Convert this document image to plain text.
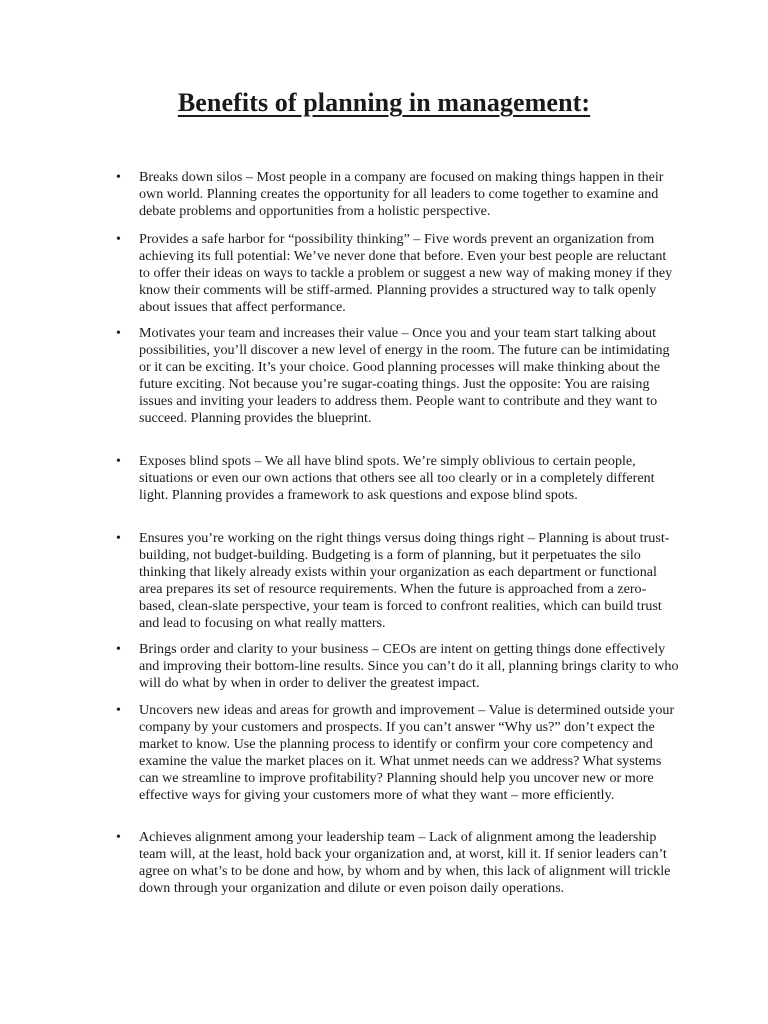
Benefits of planning in management:
• Breaks down silos – Most people in a company are focused on making things happen in their own world. Planning creates the opportunity for all leaders to come together to examine and debate problems and opportunities from a holistic perspective.

• Provides a safe harbor for “possibility thinking” – Five words prevent an organization from achieving its full potential: We’ve never done that before. Even your best people are reluctant to offer their ideas on ways to tackle a problem or suggest a new way of making money if they know their comments will be stiff-armed. Planning provides a structured way to talk openly about issues that affect performance.

• Motivates your team and increases their value – Once you and your team start talking about possibilities, you’ll discover a new level of energy in the room. The future can be intimidating or it can be exciting. It’s your choice. Good planning processes will make thinking about the future exciting. Not because you’re sugar-coating things. Just the opposite: You are raising issues and inviting your leaders to address them. People want to contribute and they want to succeed. Planning provides the blueprint.

• Exposes blind spots – We all have blind spots. We’re simply oblivious to certain people, situations or even our own actions that others see all too clearly or in a completely different light. Planning provides a framework to ask questions and expose blind spots.

• Ensures you’re working on the right things versus doing things right – Planning is about trust-building, not budget-building. Budgeting is a form of planning, but it perpetuates the silo thinking that likely already exists within your organization as each department or functional area prepares its set of resource requirements. When the future is approached from a zero-based, clean-slate perspective, your team is forced to confront realities, which can build trust and lead to focusing on what really matters.

• Brings order and clarity to your business – CEOs are intent on getting things done effectively and improving their bottom-line results. Since you can’t do it all, planning brings clarity to who will do what by when in order to deliver the greatest impact.

• Uncovers new ideas and areas for growth and improvement – Value is determined outside your company by your customers and prospects. If you can’t answer “Why us?” don’t expect the market to know. Use the planning process to identify or confirm your core competency and examine the value the market places on it. What unmet needs can we address? What systems can we streamline to improve profitability? Planning should help you uncover new or more effective ways for giving your customers more of what they want – more efficiently.

• Achieves alignment among your leadership team – Lack of alignment among the leadership team will, at the least, hold back your organization and, at worst, kill it. If senior leaders can’t agree on what’s to be done and how, by whom and by when, this lack of alignment will trickle down through your organization and dilute or even poison daily operations.
